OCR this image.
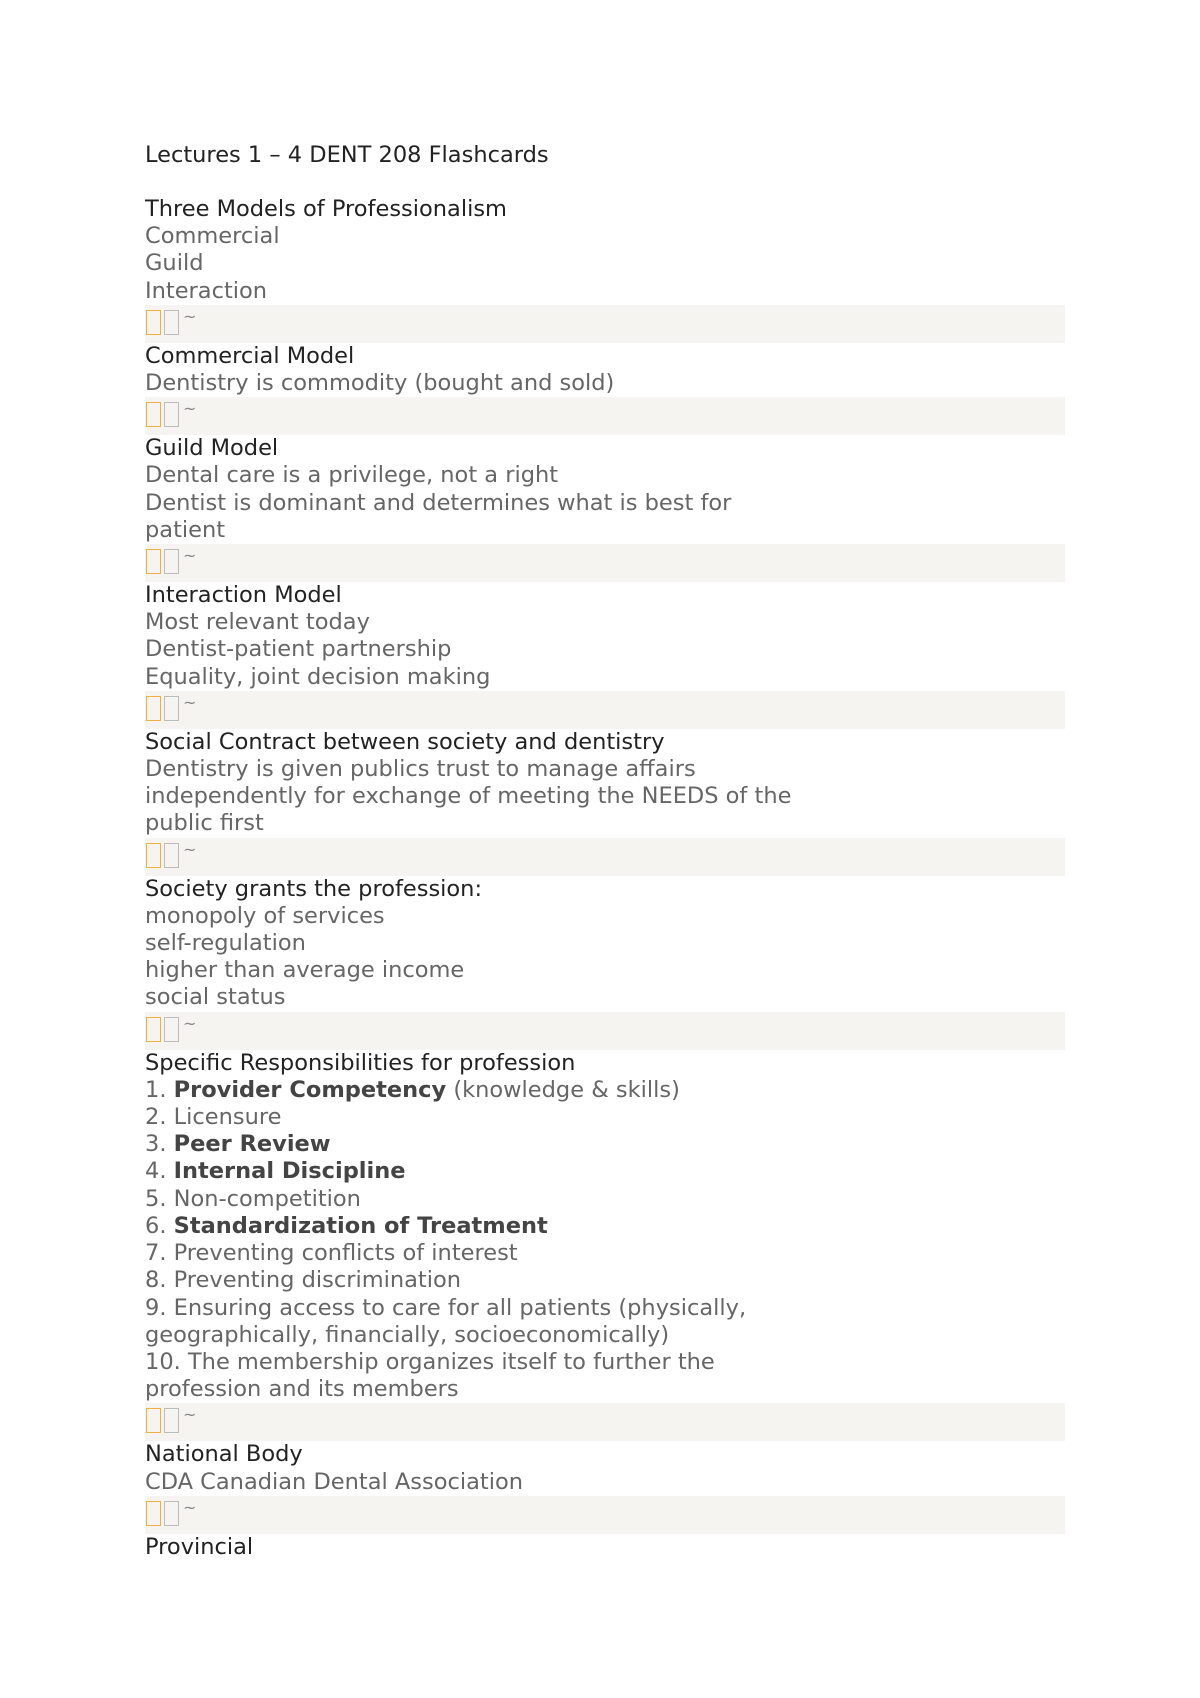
Lectures 1 – 4 DENT 208 Flashcards
Three Models of Professionalism
Commercial
Guild
Interaction
~
Commercial Model
Dentistry is commodity (bought and sold)
~
Guild Model
Dental care is a privilege, not a right
Dentist is dominant and determines what is best for
patient
~
Interaction Model
Most relevant today
Dentist-patient partnership
Equality, joint decision making
~
Social Contract between society and dentistry
Dentistry is given publics trust to manage affairs
independently for exchange of meeting the NEEDS of the
public first
~
Society grants the profession:
monopoly of services
self-regulation
higher than average income
social status
~
Specific Responsibilities for profession
1. Provider Competency (knowledge & skills)
2. Licensure
3. Peer Review
4. Internal Discipline
5. Non-competition
6. Standardization of Treatment
7. Preventing conflicts of interest
8. Preventing discrimination
9. Ensuring access to care for all patients (physically,
geographically, financially, socioeconomically)
10. The membership organizes itself to further the
profession and its members
~
National Body
CDA Canadian Dental Association
~
Provincial
